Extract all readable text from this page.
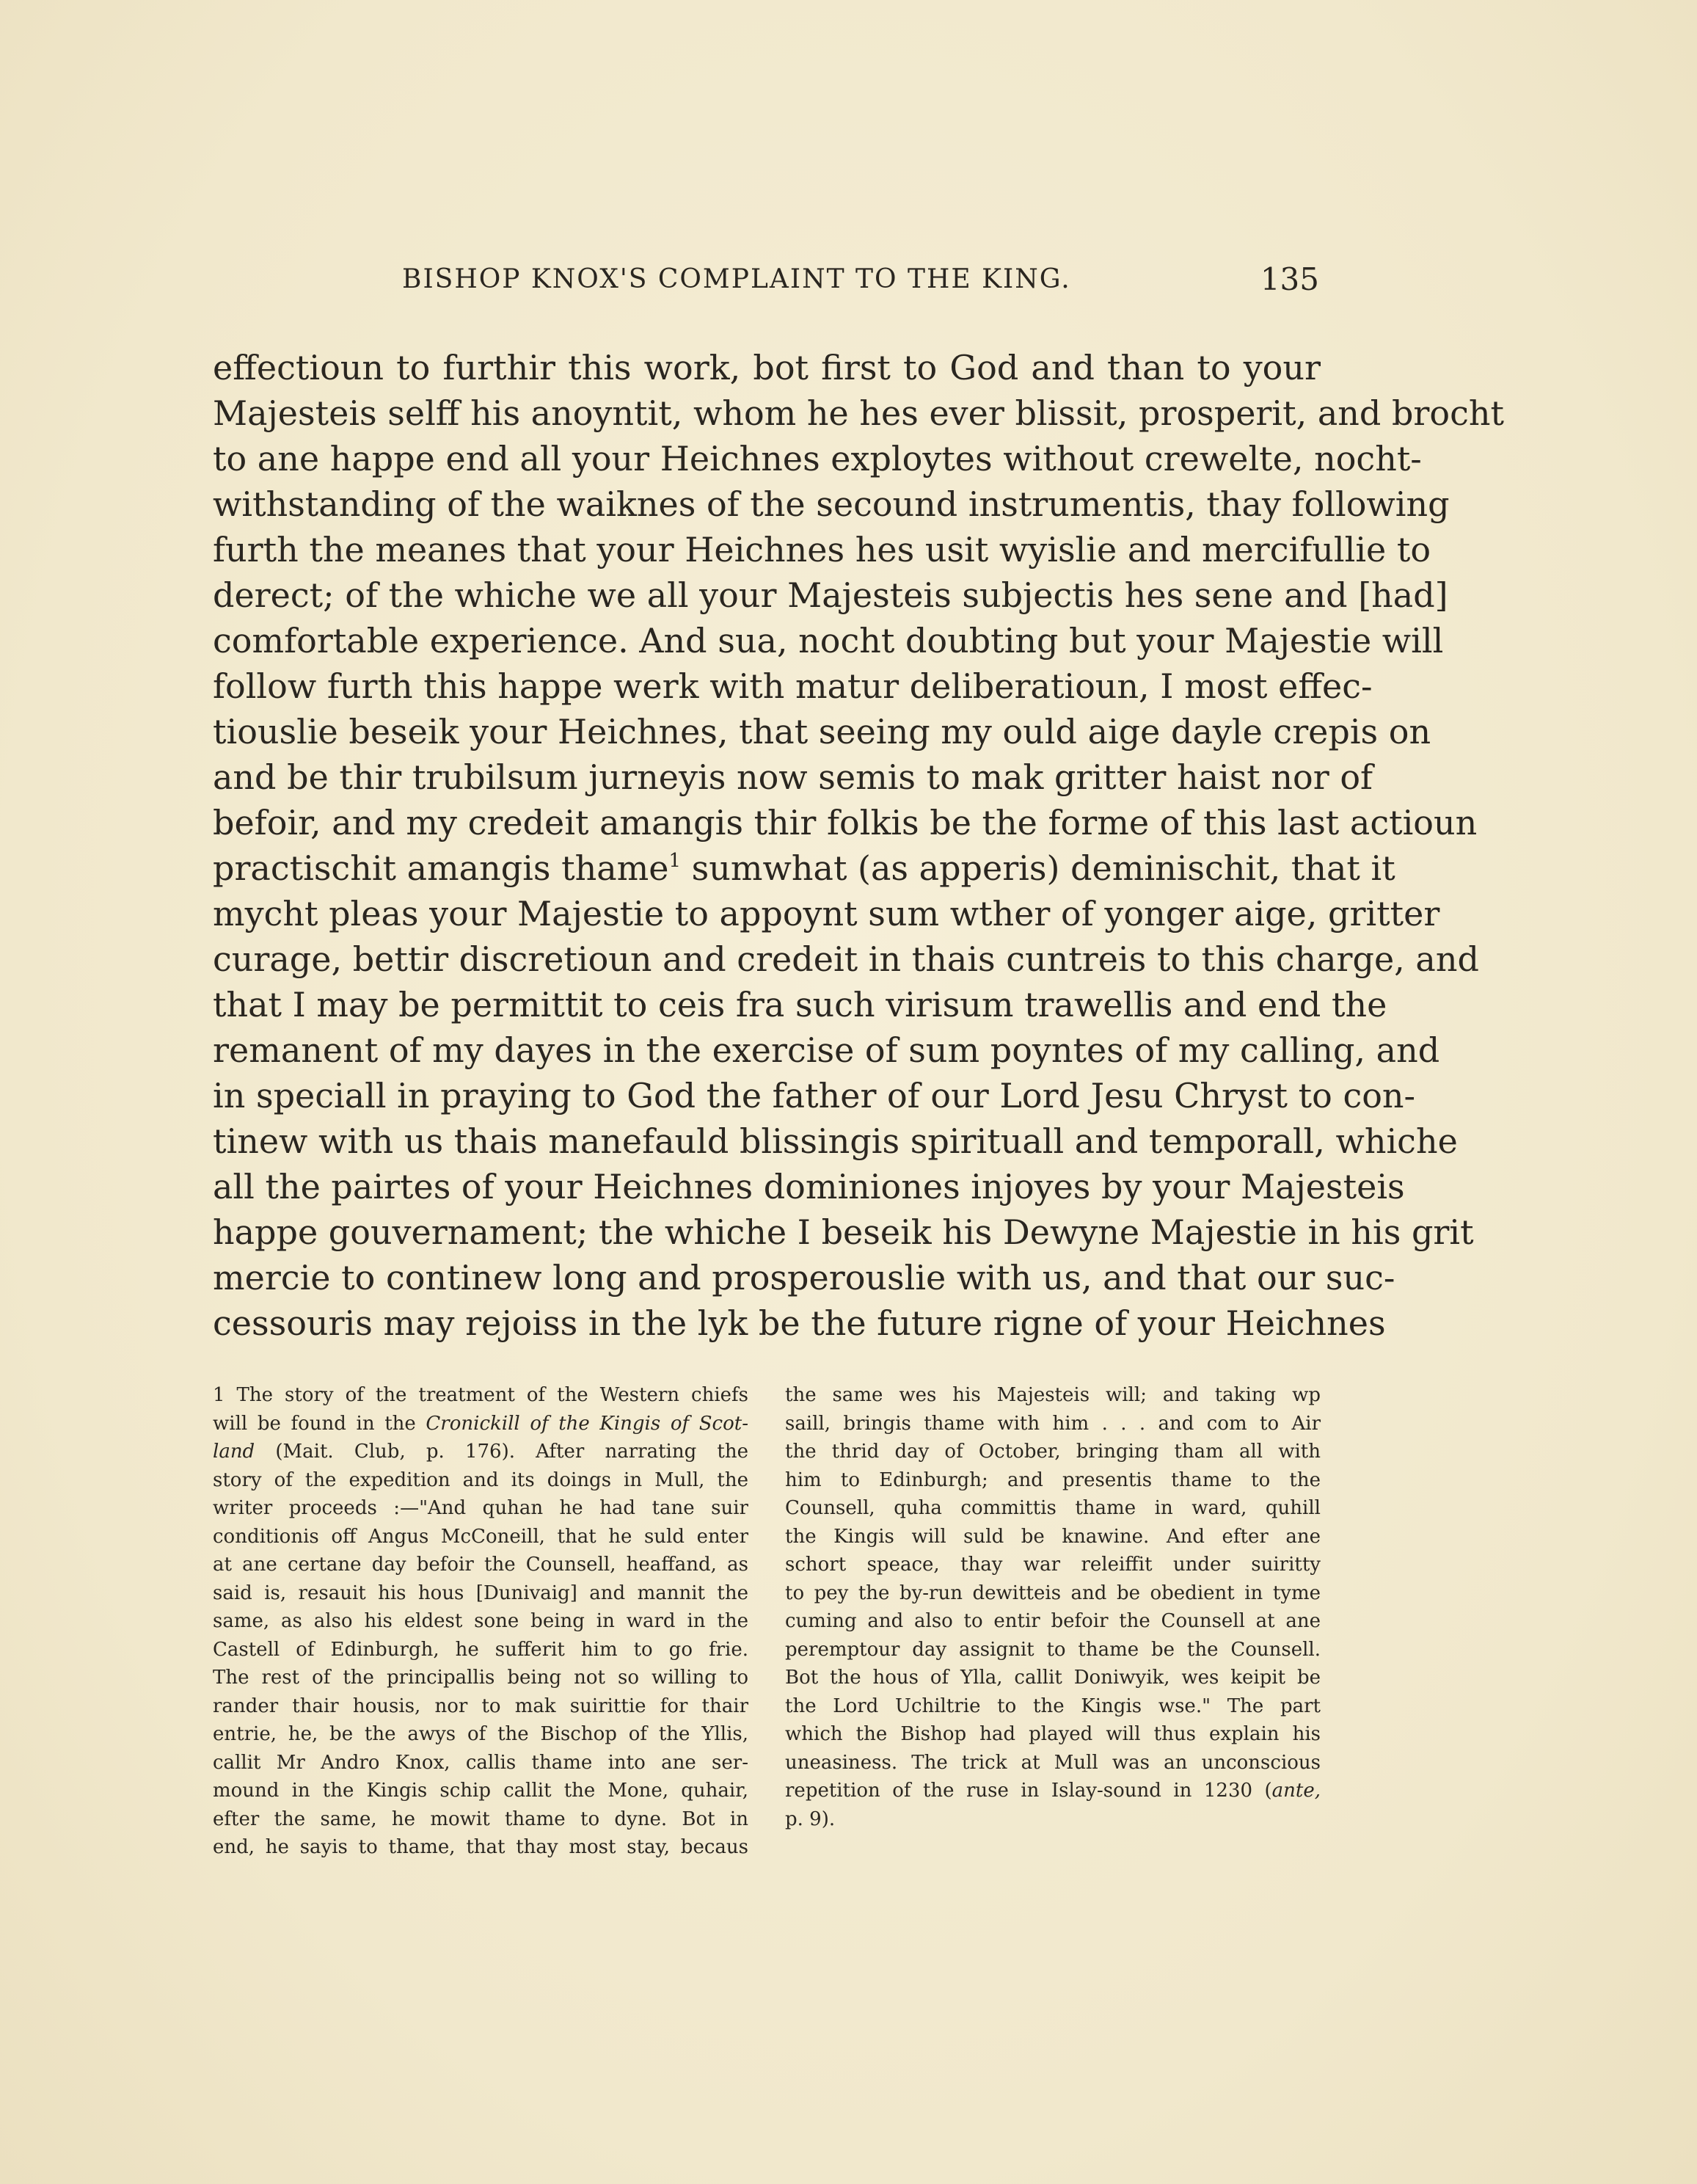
BISHOP KNOX'S COMPLAINT TO THE KING.	135
effectioun to furthir this work, bot first to God and than to your
Majesteis selff his anoyntit, whom he hes ever blissit, prosperit, and brocht
to ane happe end all your Heichnes exploytes without crewelte, nocht-
withstanding of the waiknes of the secound instrumentis, thay following
furth the meanes that your Heichnes hes usit wyislie and mercifullie to
derect; of the whiche we all your Majesteis subjectis hes sene and [had]
comfortable experience. And sua, nocht doubting but your Majestie will
follow furth this happe werk with matur deliberatioun, I most effec-
tiouslie beseik your Heichnes, that seeing my ould aige dayle crepis on
and be thir trubilsum jurneyis now semis to mak gritter haist nor of
befoir, and my credeit amangis thir folkis be the forme of this last actioun
practischit amangis thame$^1$ sumwhat (as apperis) deminischit, that it
mycht pleas your Majestie to appoynt sum wther of yonger aige, gritter
curage, bettir discretioun and credeit in thais cuntreis to this charge, and
that I may be permittit to ceis fra such virisum trawellis and end the
remanent of my dayes in the exercise of sum poyntes of my calling, and
in speciall in praying to God the father of our Lord Jesu Chryst to con-
tinew with us thais manefauld blissingis spirituall and temporall, whiche
all the pairtes of your Heichnes dominiones injoyes by your Majesteis
happe gouvernament; the whiche I beseik his Dewyne Majestie in his grit
mercie to continew long and prosperouslie with us, and that our suc-
cessouris may rejoiss in the lyk be the future rigne of your Heichnes
1 The story of the treatment of the Western chiefs
will be found in the Cronickill of the Kingis of Scot-
land (Mait. Club, p. 176). After narrating the
story of the expedition and its doings in Mull, the
writer proceeds :—"And quhan he had tane suir
conditionis off Angus McConeill, that he suld enter
at ane certane day befoir the Counsell, heaffand, as
said is, resauit his hous [Dunivaig] and mannit the
same, as also his eldest sone being in ward in the
Castell of Edinburgh, he sufferit him to go frie.
The rest of the principallis being not so willing to
rander thair housis, nor to mak suirittie for thair
entrie, he, be the awys of the Bischop of the Yllis,
callit Mr Andro Knox, callis thame into ane ser-
mound in the Kingis schip callit the Mone, quhair,
efter the same, he mowit thame to dyne. Bot in
end, he sayis to thame, that thay most stay, becaus
the same wes his Majesteis will; and taking wp
saill, bringis thame with him . . . and com to Air
the thrid day of October, bringing tham all with
him to Edinburgh; and presentis thame to the
Counsell, quha committis thame in ward, quhill
the Kingis will suld be knawine. And efter ane
schort speace, thay war releiffit under suiritty
to pey the by-run dewitteis and be obedient in tyme
cuming and also to entir befoir the Counsell at ane
peremptour day assignit to thame be the Counsell.
Bot the hous of Ylla, callit Doniwyik, wes keipit be
the Lord Uchiltrie to the Kingis wse." The part
which the Bishop had played will thus explain his
uneasiness. The trick at Mull was an unconscious
repetition of the ruse in Islay-sound in 1230 (ante,
p. 9).
